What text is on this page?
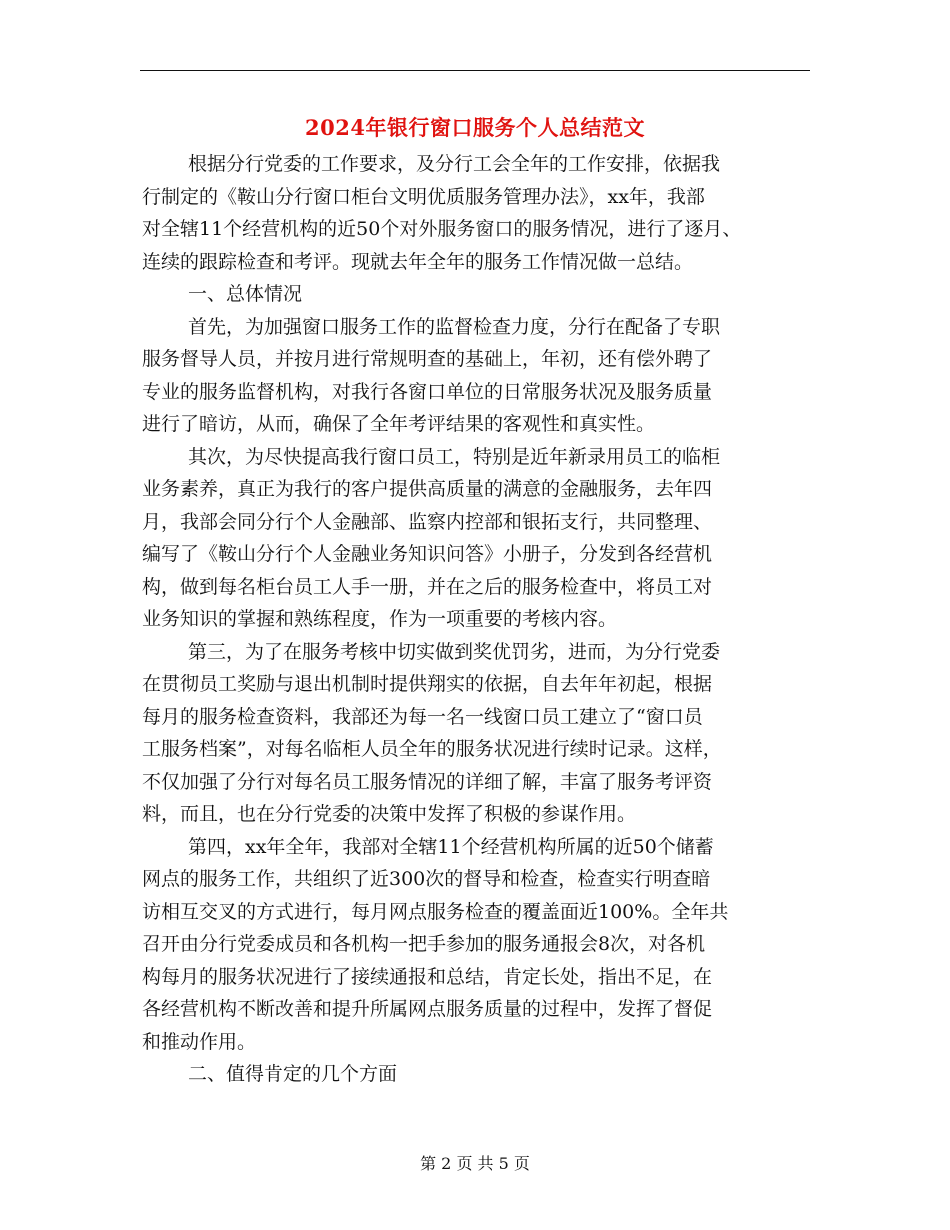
2024年银行窗口服务个人总结范文
根据分行党委的工作要求，及分行工会全年的工作安排，依据我
行制定的《鞍山分行窗口柜台文明优质服务管理办法》，xx年，我部
对全辖11个经营机构的近50个对外服务窗口的服务情况，进行了逐月、
连续的跟踪检查和考评。现就去年全年的服务工作情况做一总结。
一、总体情况
首先，为加强窗口服务工作的监督检查力度，分行在配备了专职
服务督导人员，并按月进行常规明查的基础上，年初，还有偿外聘了
专业的服务监督机构，对我行各窗口单位的日常服务状况及服务质量
进行了暗访，从而，确保了全年考评结果的客观性和真实性。
其次，为尽快提高我行窗口员工，特别是近年新录用员工的临柜
业务素养，真正为我行的客户提供高质量的满意的金融服务，去年四
月，我部会同分行个人金融部、监察内控部和银拓支行，共同整理、
编写了《鞍山分行个人金融业务知识问答》小册子，分发到各经营机
构，做到每名柜台员工人手一册，并在之后的服务检查中，将员工对
业务知识的掌握和熟练程度，作为一项重要的考核内容。
第三，为了在服务考核中切实做到奖优罚劣，进而，为分行党委
在贯彻员工奖励与退出机制时提供翔实的依据，自去年年初起，根据
每月的服务检查资料，我部还为每一名一线窗口员工建立了“窗口员
工服务档案”，对每名临柜人员全年的服务状况进行续时记录。这样，
不仅加强了分行对每名员工服务情况的详细了解，丰富了服务考评资
料，而且，也在分行党委的决策中发挥了积极的参谋作用。
第四，xx年全年，我部对全辖11个经营机构所属的近50个储蓄
网点的服务工作，共组织了近300次的督导和检查，检查实行明查暗
访相互交叉的方式进行，每月网点服务检查的覆盖面近100%。全年共
召开由分行党委成员和各机构一把手参加的服务通报会8次，对各机
构每月的服务状况进行了接续通报和总结，肯定长处，指出不足，在
各经营机构不断改善和提升所属网点服务质量的过程中，发挥了督促
和推动作用。
二、值得肯定的几个方面
第 2 页 共 5 页
